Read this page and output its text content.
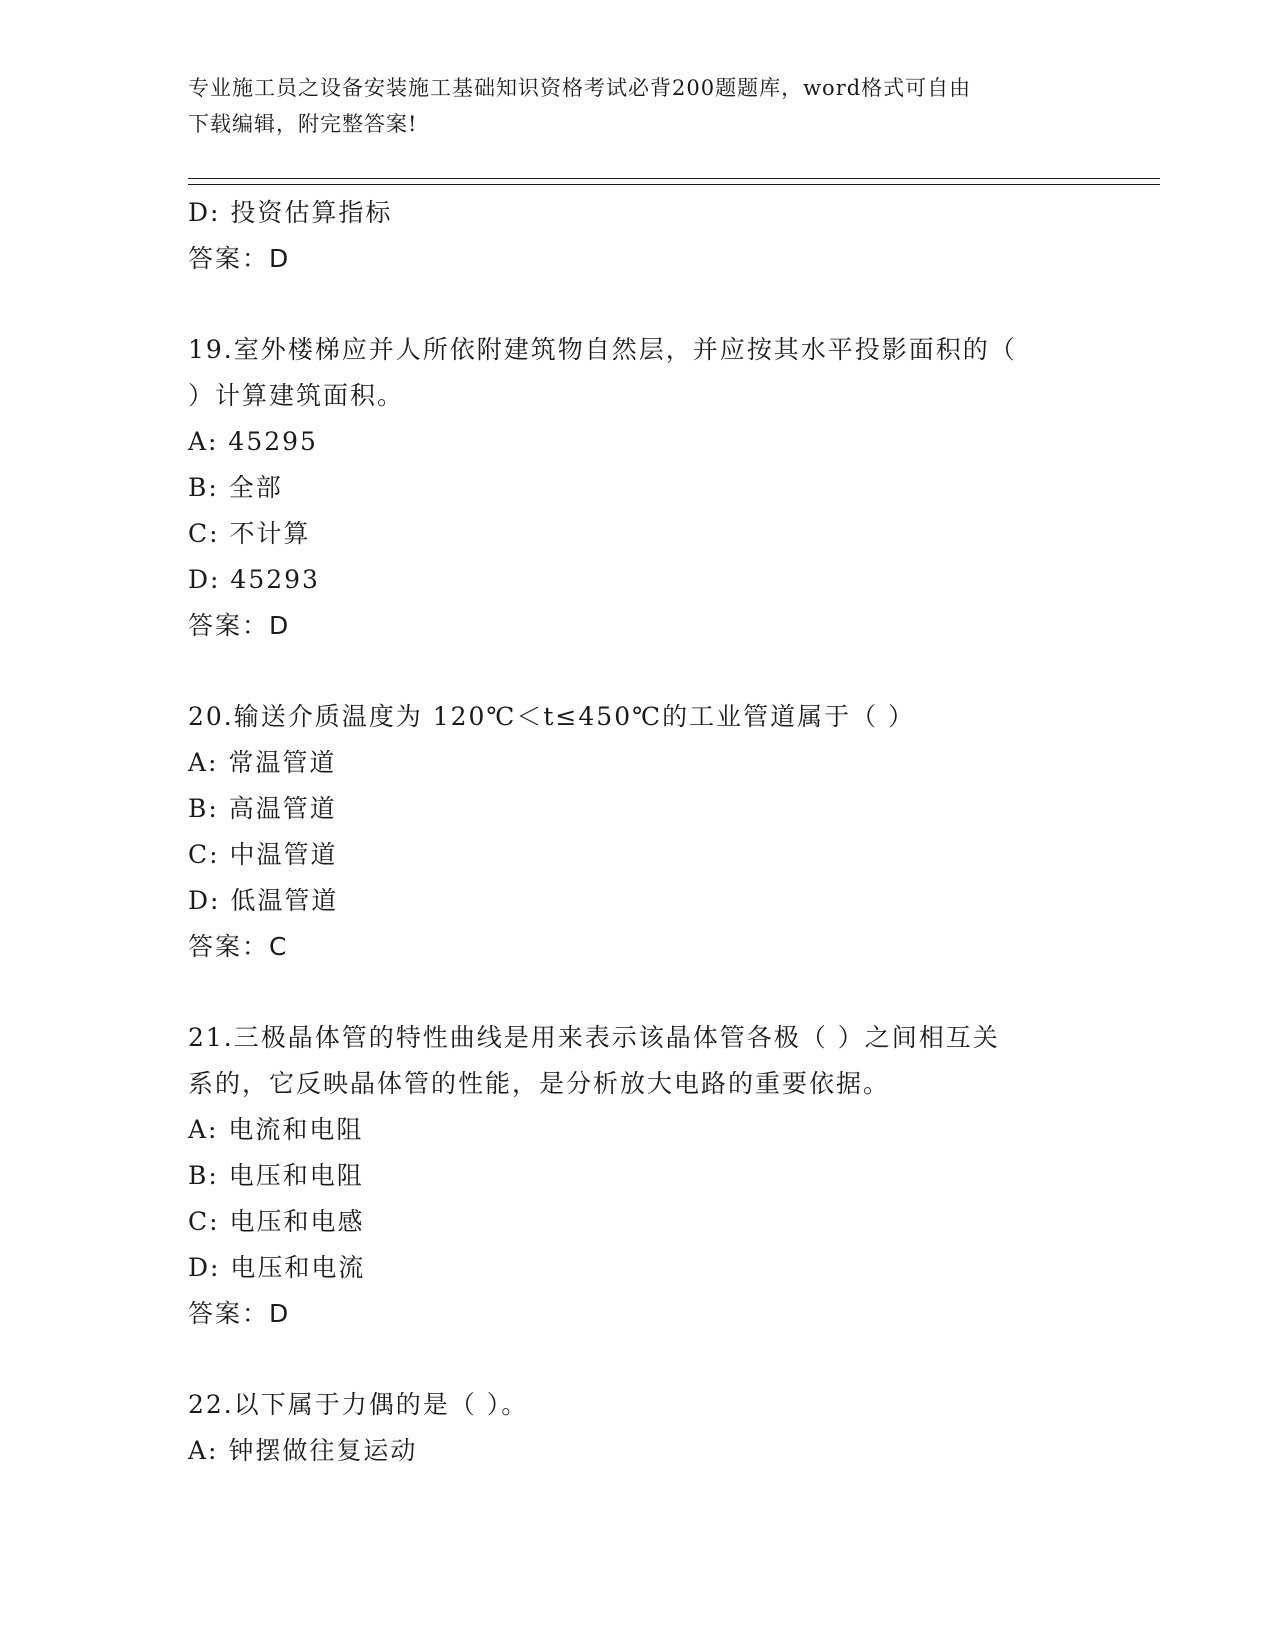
专业施工员之设备安装施工基础知识资格考试必背200题题库，word格式可自由
下载编辑，附完整答案!
D: 投资估算指标
答案：D
19.室外楼梯应并人所依附建筑物自然层，并应按其水平投影面积的（
）计算建筑面积。
A: 45295
B: 全部
C: 不计算
D: 45293
答案：D
20.输送介质温度为 120℃＜t≤450℃的工业管道属于（ ）
A: 常温管道
B: 高温管道
C: 中温管道
D: 低温管道
答案：C
21.三极晶体管的特性曲线是用来表示该晶体管各极（ ）之间相互关
系的，它反映晶体管的性能，是分析放大电路的重要依据。
A: 电流和电阻
B: 电压和电阻
C: 电压和电感
D: 电压和电流
答案：D
22.以下属于力偶的是（ ）。
A: 钟摆做往复运动
